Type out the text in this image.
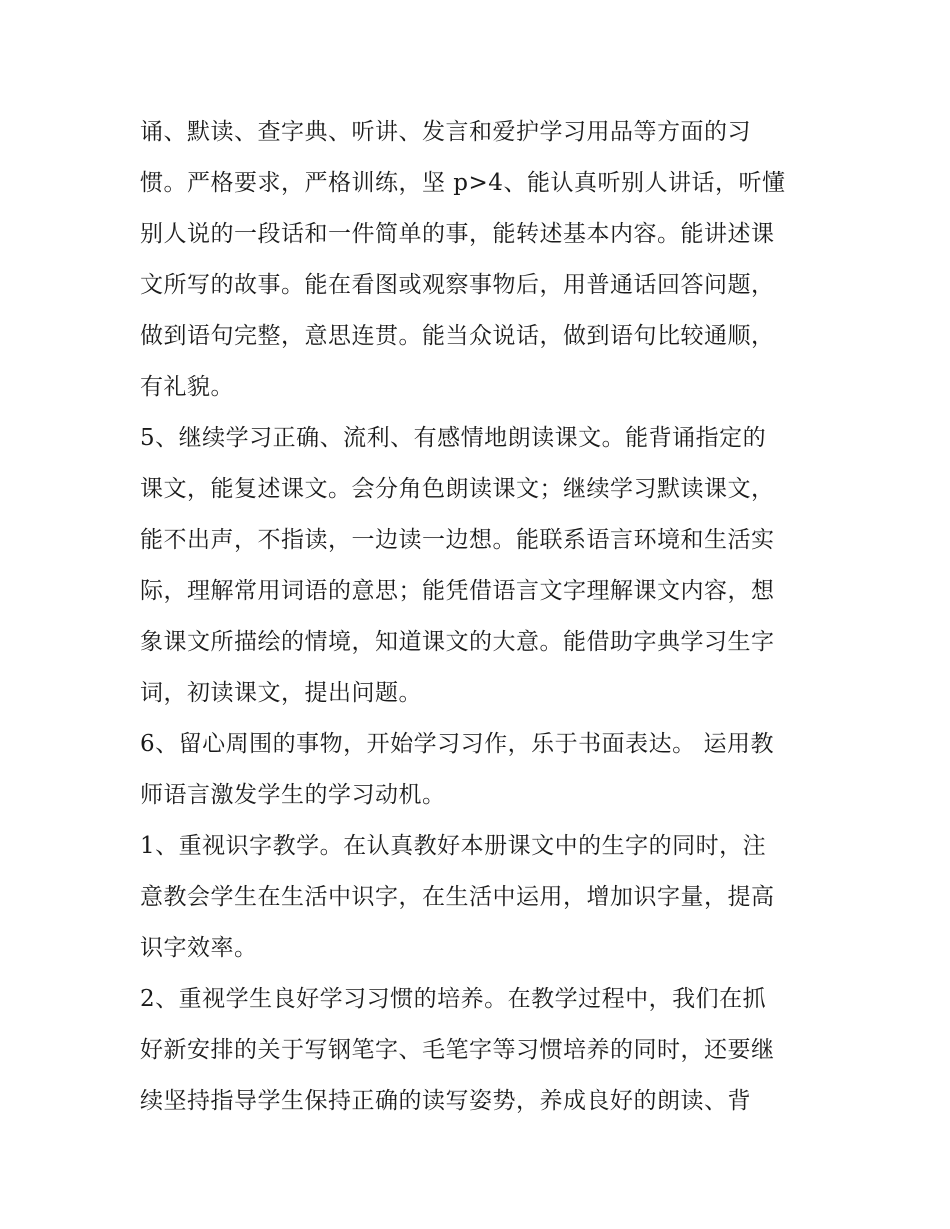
诵、默读、查字典、听讲、发言和爱护学习用品等方面的习
惯。严格要求，严格训练，坚 p>4、能认真听别人讲话，听懂
别人说的一段话和一件简单的事，能转述基本内容。能讲述课
文所写的故事。能在看图或观察事物后，用普通话回答问题，
做到语句完整，意思连贯。能当众说话，做到语句比较通顺，
有礼貌。
5、继续学习正确、流利、有感情地朗读课文。能背诵指定的
课文，能复述课文。会分角色朗读课文；继续学习默读课文，
能不出声，不指读，一边读一边想。能联系语言环境和生活实
际，理解常用词语的意思；能凭借语言文字理解课文内容，想
象课文所描绘的情境，知道课文的大意。能借助字典学习生字
词，初读课文，提出问题。
6、留心周围的事物，开始学习习作，乐于书面表达。 运用教
师语言激发学生的学习动机。
1、重视识字教学。在认真教好本册课文中的生字的同时，注
意教会学生在生活中识字，在生活中运用，增加识字量，提高
识字效率。
2、重视学生良好学习习惯的培养。在教学过程中，我们在抓
好新安排的关于写钢笔字、毛笔字等习惯培养的同时，还要继
续坚持指导学生保持正确的读写姿势，养成良好的朗读、背
